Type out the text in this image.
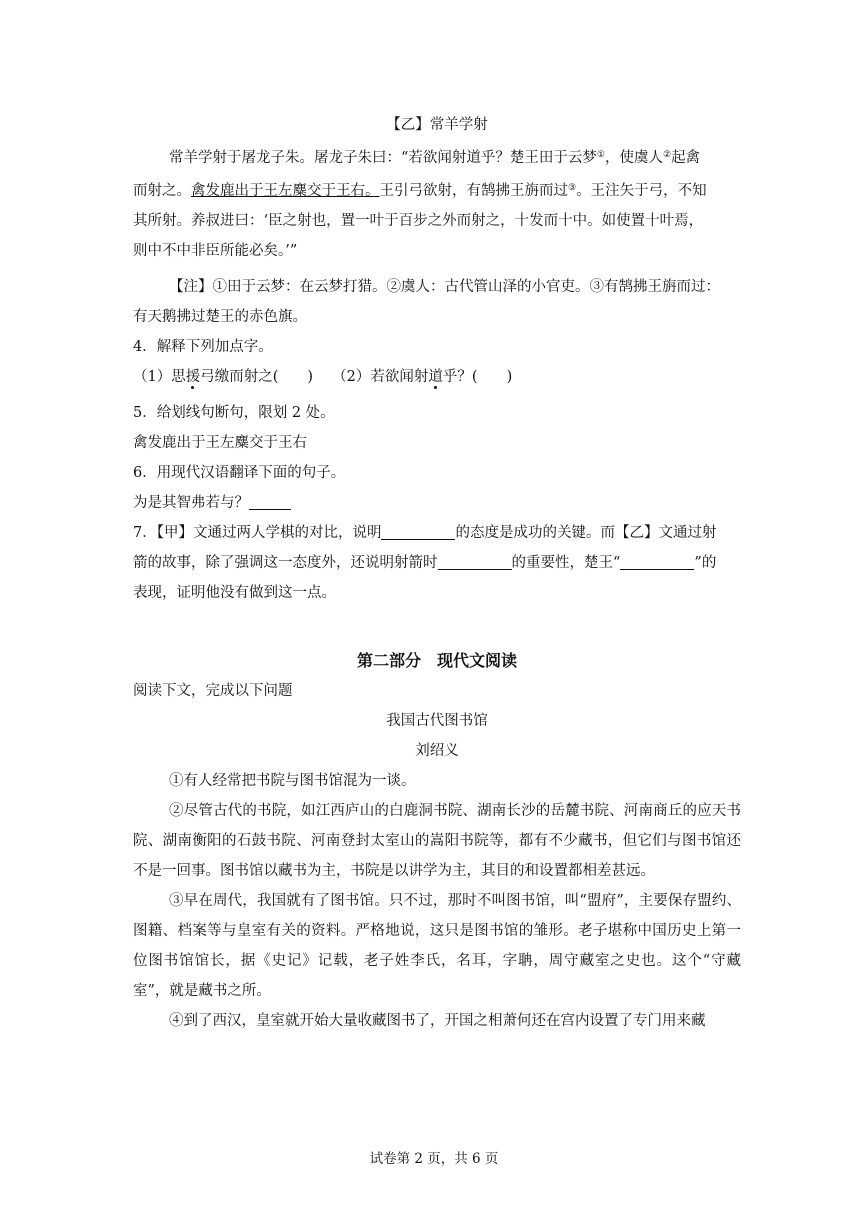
【乙】常羊学射
常羊学射于屠龙子朱。屠龙子朱曰：“若欲闻射道乎？楚王田于云梦①，使虞人②起禽
而射之。禽发鹿出于王左麋交于王右。王引弓欲射，有鹄拂王旃而过③。王注矢于弓，不知
其所射。养叔进曰：‘臣之射也，置一叶于百步之外而射之，十发而十中。如使置十叶焉，
则中不中非臣所能必矣。’”
【注】①田于云梦：在云梦打猎。②虞人：古代管山泽的小官吏。③有鹄拂王旃而过：
有天鹅拂过楚王的赤色旗。
4．解释下列加点字。
（1）思援弓缴而射之(　　)　 （2）若欲闻射道乎？(　　)
5．给划线句断句，限划 2 处。
禽发鹿出于王左麋交于王右
6．用现代汉语翻译下面的句子。
为是其智弗若与？
7．【甲】文通过两人学棋的对比，说明	的态度是成功的关键。而【乙】文通过射
箭的故事，除了强调这一态度外，还说明射箭时	的重要性，楚王“	”的
表现，证明他没有做到这一点。
第二部分　现代文阅读
阅读下文，完成以下问题
我国古代图书馆
刘绍义
①有人经常把书院与图书馆混为一谈。
②尽管古代的书院，如江西庐山的白鹿洞书院、湖南长沙的岳麓书院、河南商丘的应天书院、湖南衡阳的石鼓书院、河南登封太室山的嵩阳书院等，都有不少藏书，但它们与图书馆还不是一回事。图书馆以藏书为主，书院是以讲学为主，其目的和设置都相差甚远。
③早在周代，我国就有了图书馆。只不过，那时不叫图书馆，叫“盟府”，主要保存盟约、图籍、档案等与皇室有关的资料。严格地说，这只是图书馆的雏形。老子堪称中国历史上第一位图书馆馆长，据《史记》记载，老子姓李氏，名耳，字聃，周守藏室之史也。这个“守藏室”，就是藏书之所。
④到了西汉，皇室就开始大量收藏图书了，开国之相萧何还在宫内设置了专门用来藏
试卷第 2 页，共 6 页
